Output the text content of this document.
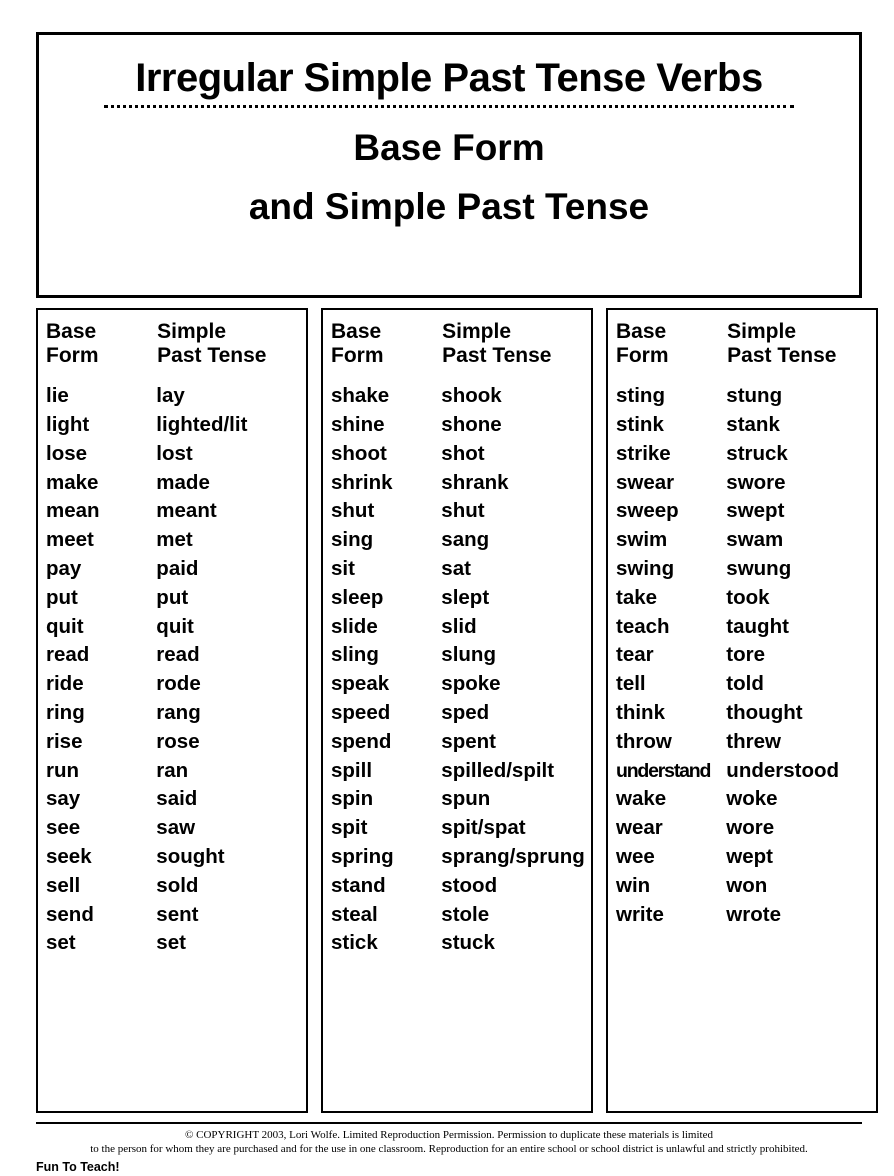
Irregular Simple Past Tense Verbs
Base Form
and Simple Past Tense
Base
Form
Simple
Past Tense
lie	lay
light	lighted/lit
lose	lost
make	made
mean	meant
meet	met
pay	paid
put	put
quit	quit
read	read
ride	rode
ring	rang
rise	rose
run	ran
say	said
see	saw
seek	sought
sell	sold
send	sent
set	set
Base
Form
Simple
Past Tense
shake	shook
shine	shone
shoot	shot
shrink	shrank
shut	shut
sing	sang
sit	sat
sleep	slept
slide	slid
sling	slung
speak	spoke
speed	sped
spend	spent
spill	spilled/spilt
spin	spun
spit	spit/spat
spring	sprang/sprung
stand	stood
steal	stole
stick	stuck
Base
Form
Simple
Past Tense
sting	stung
stink	stank
strike	struck
swear	swore
sweep	swept
swim	swam
swing	swung
take	took
teach	taught
tear	tore
tell	told
think	thought
throw	threw
understand understood
wake	woke
wear	wore
wee	wept
win	won
write	wrote
© COPYRIGHT 2003, Lori Wolfe. Limited Reproduction Permission. Permission to duplicate these materials is limited
to the person for whom they are purchased and for the use in one classroom. Reproduction for an entire school or school district is unlawful and strictly prohibited.
Fun To Teach!
